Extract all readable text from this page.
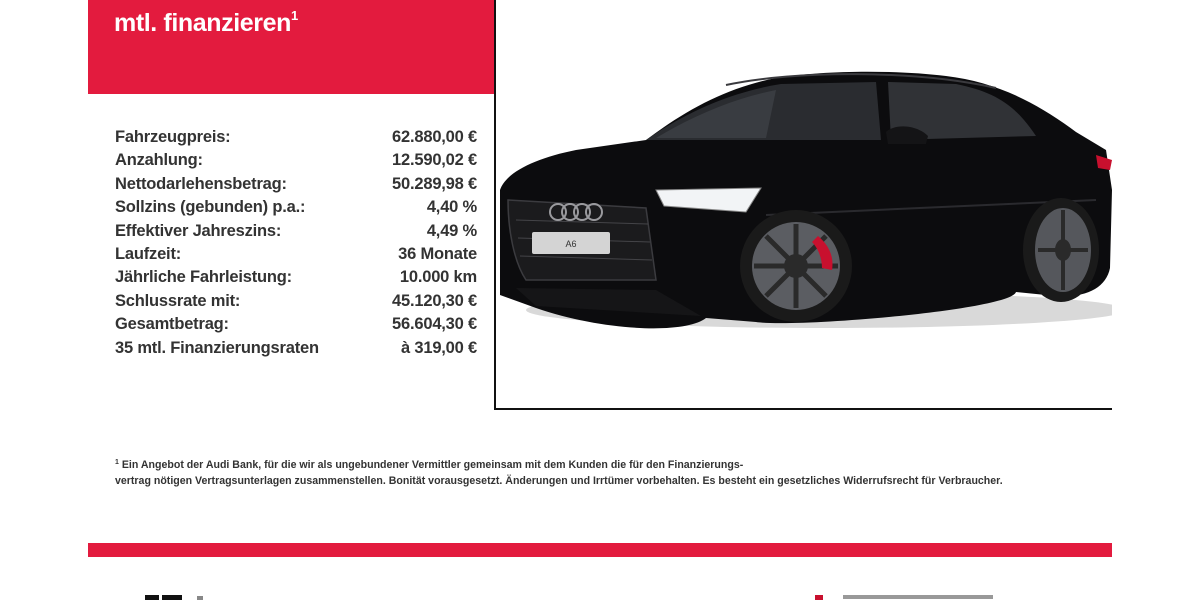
mtl. finanzieren$^1$
Fahrzeugpreis:	62.880,00 €
Anzahlung:	12.590,02 €
Nettodarlehensbetrag:	50.289,98 €
Sollzins (gebunden) p.a.:	4,40 %
Effektiver Jahreszins:	4,49 %
Laufzeit:	36 Monate
Jährliche Fahrleistung:	10.000 km
Schlussrate mit:	45.120,30 €
Gesamtbetrag:	56.604,30 €
35 mtl. Finanzierungsraten	à 319,00 €
A6
$^1$ Ein Angebot der Audi Bank, für die wir als ungebundener Vermittler gemeinsam mit dem Kunden die für den Finanzierungs-
vertrag nötigen Vertragsunterlagen zusammenstellen. Bonität vorausgesetzt. Änderungen und Irrtümer vorbehalten. Es besteht ein gesetzliches Widerrufsrecht für Verbraucher.
